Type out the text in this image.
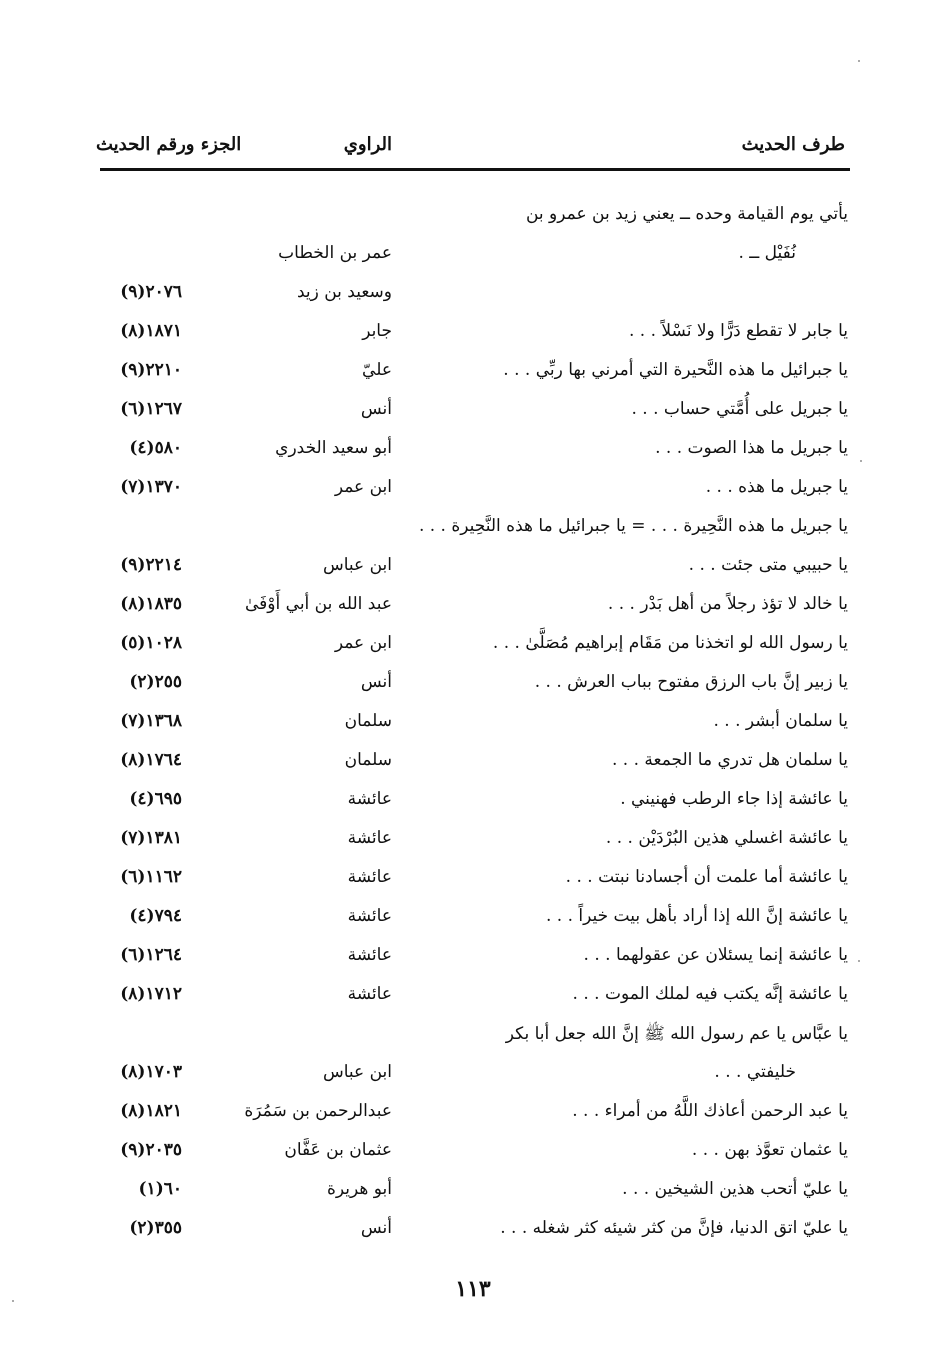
طرف الحديث
الراوي
الجزء ورقم الحديث
يأتي يوم القيامة وحده ــ يعني زيد بن عمرو بن
نُفَيْل ــ .
عمر بن الخطاب
وسعيد بن زيد
٢٠٧٦(٩)
يا جابر لا تقطع دَرًّا ولا نَسْلاً . . .
جابر
١٨٧١(٨)
يا جبرائيل ما هذه النَّحيرة التي أمرني بها ربِّي . . .
عليّ
٢٢١٠(٩)
يا جبريل على أُمَّتي حساب . . .
أنس
١٢٦٧(٦)
يا جبريل ما هذا الصوت . . .
أبو سعيد الخدري
٥٨٠(٤)
يا جبريل ما هذه . . .
ابن عمر
١٣٧٠(٧)
يا جبريل ما هذه النَّحِيرة . . . = يا جبرائيل ما هذه النَّحِيرة . . .
يا حبيبي متى جئت . . .
ابن عباس
٢٢١٤(٩)
يا خالد لا تؤذ رجلاً من أهل بَدْر . . .
عبد الله بن أبي أَوْفَىٰ
١٨٣٥(٨)
يا رسول الله لو اتخذنا من مَقَام إبراهيم مُصَلَّىٰ . . .
ابن عمر
١٠٢٨(٥)
يا زبير إنَّ باب الرزق مفتوح بباب العرش . . .
أنس
٢٥٥(٢)
يا سلمان أبشر . . .
سلمان
١٣٦٨(٧)
يا سلمان هل تدري ما الجمعة . . .
سلمان
١٧٦٤(٨)
يا عائشة إذا جاء الرطب فهنيني .
عائشة
٦٩٥(٤)
يا عائشة اغسلي هذين البُرْدَيْن . . .
عائشة
١٣٨١(٧)
يا عائشة أما علمت أن أجسادنا نبتت . . .
عائشة
١١٦٢(٦)
يا عائشة إنَّ الله إذا أراد بأهل بيت خيراً . . .
عائشة
٧٩٤(٤)
يا عائشة إنما يسئلان عن عقولهما . . .
عائشة
١٢٦٤(٦)
يا عائشة إنَّه يكتب فيه لملك الموت . . .
عائشة
١٧١٢(٨)
يا عبَّاس يا عم رسول الله ﷺ إنَّ الله جعل أبا بكر
خليفتي . . .
ابن عباس
١٧٠٣(٨)
يا عبد الرحمن أعاذك اللَّهُ من أمراء . . .
عبدالرحمن بن سَمُرَة
١٨٢١(٨)
يا عثمان تعوَّذ بهن . . .
عثمان بن عَفَّان
٢٠٣٥(٩)
يا عليّ أتحب هذين الشيخين . . .
أبو هريرة
٦٠(١)
يا عليّ اتق الدنيا، فإنَّ من كثر شيئه كثر شغله . . .
أنس
٣٥٥(٢)
١١٣
